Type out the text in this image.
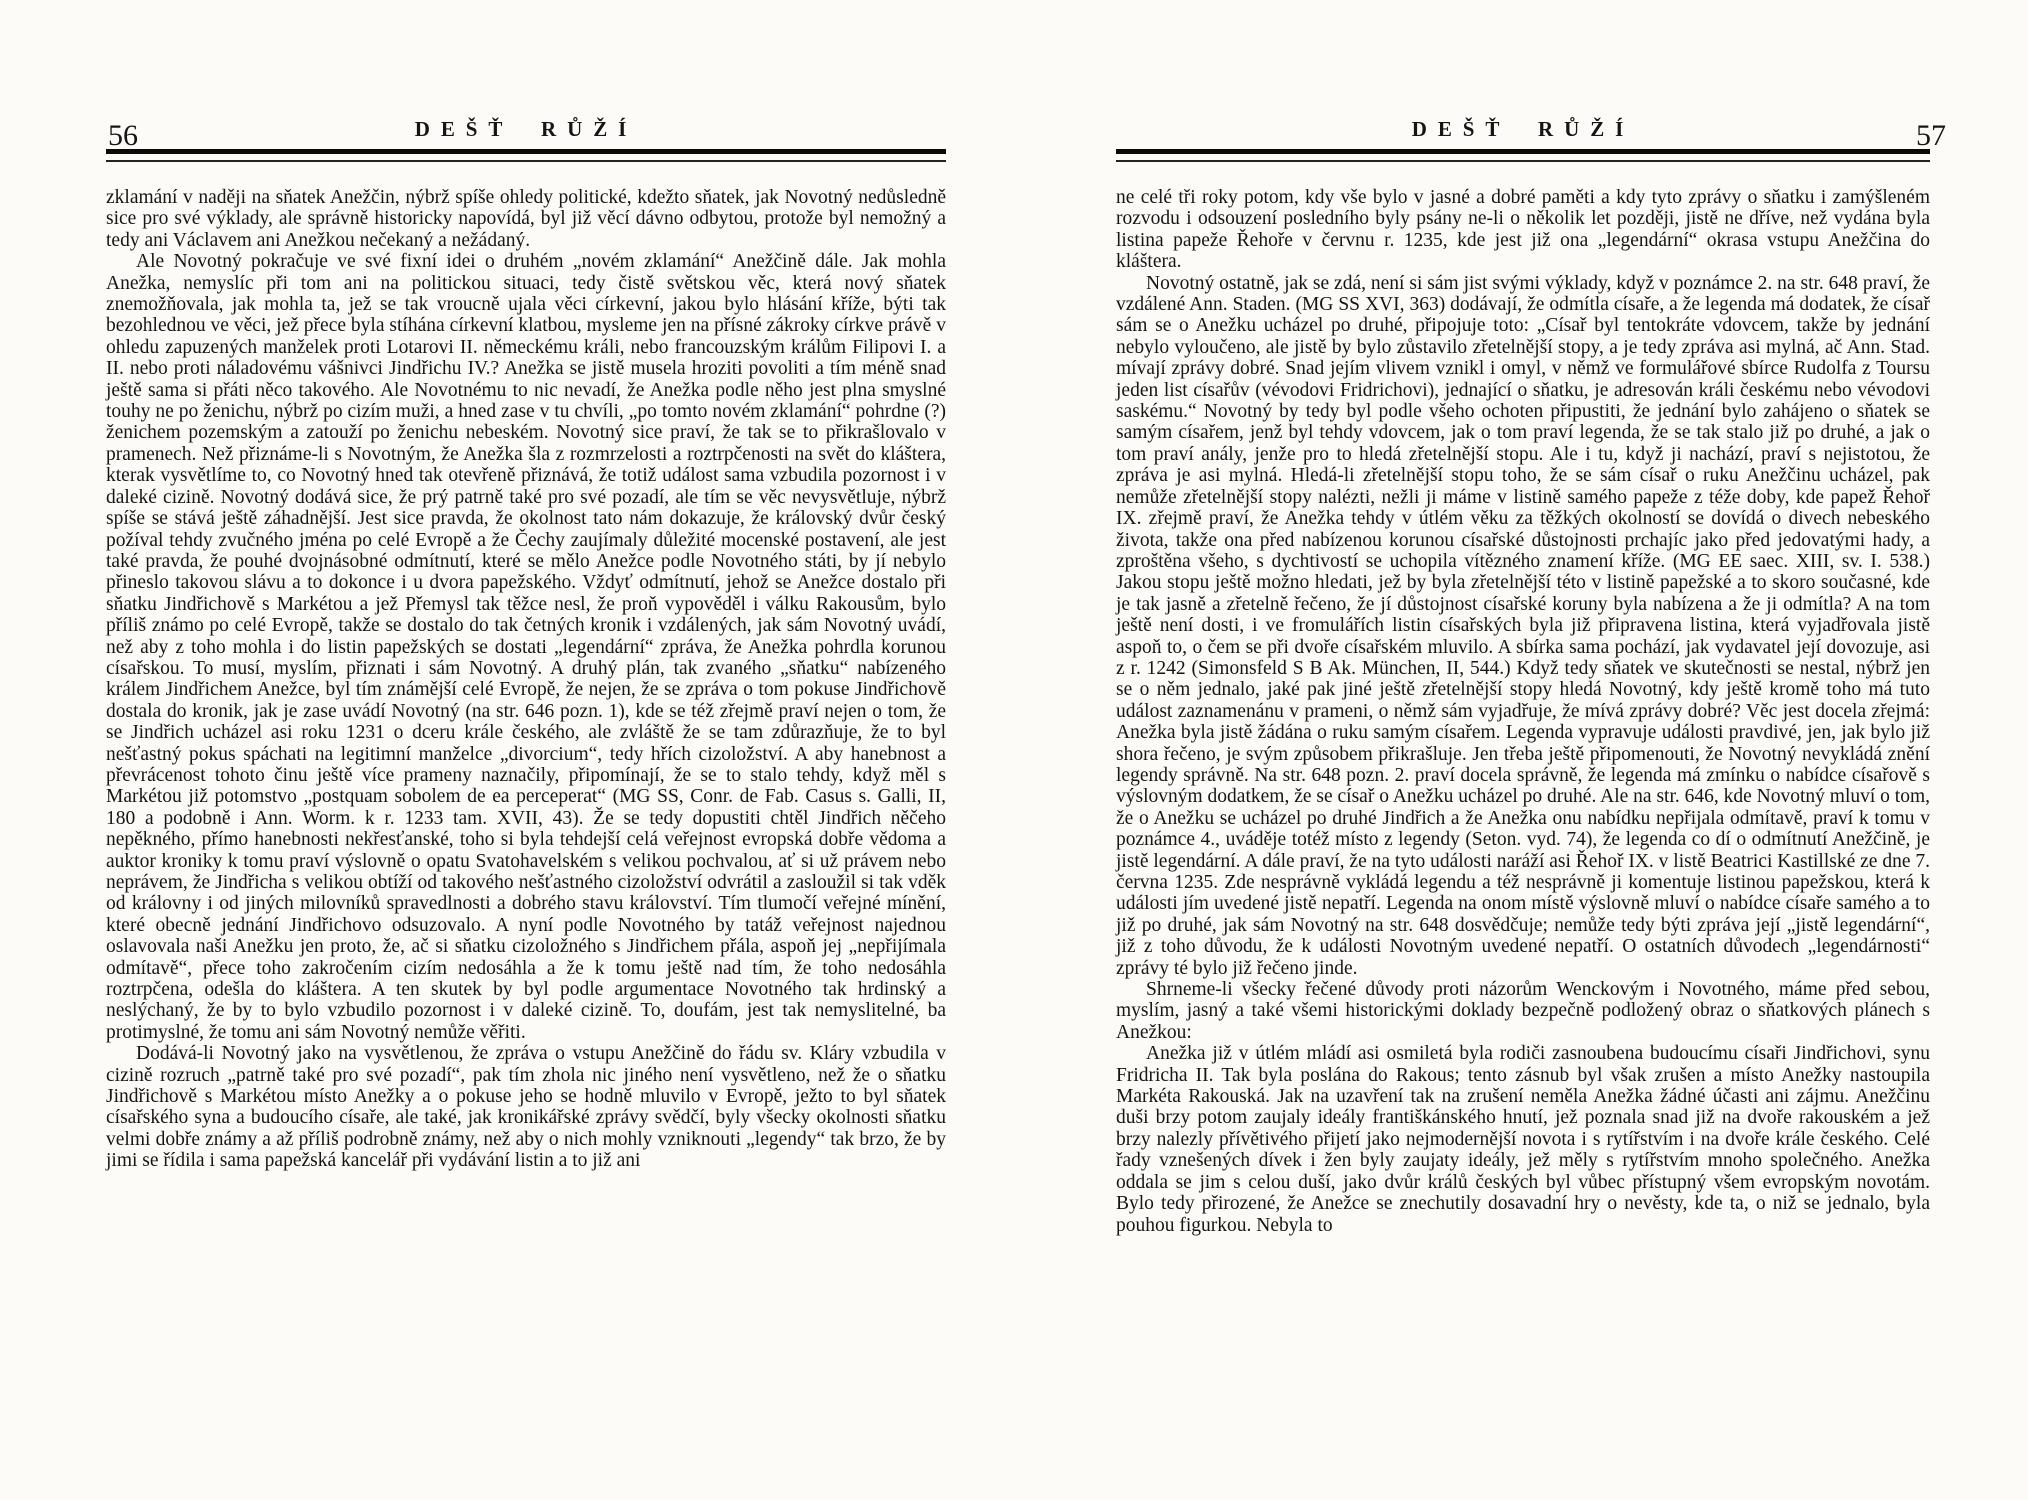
56	DEŠŤ RŮŽÍ

zklamání v naději na sňatek Anežčin, nýbrž spíše ohledy politické, kdežto sňatek, jak Novotný nedůsledně sice pro své výklady, ale správně historicky napovídá, byl již věcí dávno odbytou, protože byl nemožný a tedy ani Václavem ani Anežkou nečekaný a nežádaný.

Ale Novotný pokračuje ve své fixní idei o druhém „novém zklamání“ Anežčině dále. Jak mohla Anežka, nemyslíc při tom ani na politickou situaci, tedy čistě světskou věc, která nový sňatek znemožňovala, jak mohla ta, jež se tak vroucně ujala věci církevní, jakou bylo hlásání kříže, býti tak bezohlednou ve věci, jež přece byla stíhána církevní klatbou, mysleme jen na přísné zákroky církve právě v ohledu zapuzených manželek proti Lotarovi II. německému králi, nebo francouzským králům Filipovi I. a II. nebo proti náladovému vášnivci Jindřichu IV.? Anežka se jistě musela hroziti povoliti a tím méně snad ještě sama si přáti něco takového. Ale Novotnému to nic nevadí, že Anežka podle něho jest plna smyslné touhy ne po ženichu, nýbrž po cizím muži, a hned zase v tu chvíli, „po tomto novém zklamání“ pohrdne (?) ženichem pozemským a zatouží po ženichu nebeském. Novotný sice praví, že tak se to přikrašlovalo v pramenech. Než přiznáme-li s Novotným, že Anežka šla z rozmrzelosti a roztrpčenosti na svět do kláštera, kterak vysvětlíme to, co Novotný hned tak otevřeně přiznává, že totiž událost sama vzbudila pozornost i v daleké cizině. Novotný dodává sice, že prý patrně také pro své pozadí, ale tím se věc nevysvětluje, nýbrž spíše se stává ještě záhadnější. Jest sice pravda, že okolnost tato nám dokazuje, že královský dvůr český požíval tehdy zvučného jména po celé Evropě a že Čechy zaujímaly důležité mocenské postavení, ale jest také pravda, že pouhé dvojnásobné odmítnutí, které se mělo Anežce podle Novotného státi, by jí nebylo přineslo takovou slávu a to dokonce i u dvora papežského. Vždyť odmítnutí, jehož se Anežce dostalo při sňatku Jindřichově s Markétou a jež Přemysl tak těžce nesl, že proň vypověděl i válku Rakousům, bylo příliš známo po celé Evropě, takže se dostalo do tak četných kronik i vzdálených, jak sám Novotný uvádí, než aby z toho mohla i do listin papežských se dostati „legendární“ zpráva, že Anežka pohrdla korunou císařskou. To musí, myslím, přiznati i sám Novotný. A druhý plán, tak zvaného „sňatku“ nabízeného králem Jindřichem Anežce, byl tím známější celé Evropě, že nejen, že se zpráva o tom pokuse Jindřichově dostala do kronik, jak je zase uvádí Novotný (na str. 646 pozn. 1), kde se též zřejmě praví nejen o tom, že se Jindřich ucházel asi roku 1231 o dceru krále českého, ale zvláště že se tam zdůrazňuje, že to byl nešťastný pokus spáchati na legitimní manželce „divorcium“, tedy hřích cizoložství. A aby hanebnost a převrácenost tohoto činu ještě více prameny naznačily, připomínají, že se to stalo tehdy, když měl s Markétou již potomstvo „postquam sobolem de ea perceperat“ (MG SS, Conr. de Fab. Casus s. Galli, II, 180 a podobně i Ann. Worm. k r. 1233 tam. XVII, 43). Že se tedy dopustiti chtěl Jindřich něčeho nepěkného, přímo hanebnosti nekřesťanské, toho si byla tehdejší celá veřejnost evropská dobře vědoma a auktor kroniky k tomu praví výslovně o opatu Svatohavelském s velikou pochvalou, ať si už právem nebo neprávem, že Jindřicha s velikou obtíží od takového nešťastného cizoložství odvrátil a zasloužil si tak vděk od královny i od jiných milovníků spravedlnosti a dobrého stavu království. Tím tlumočí veřejné mínění, které obecně jednání Jindřichovo odsuzovalo. A nyní podle Novotného by tatáž veřejnost najednou oslavovala naši Anežku jen proto, že, ač si sňatku cizoložného s Jindřichem přála, aspoň jej „nepřijímala odmítavě“, přece toho zakročením cizím nedosáhla a že k tomu ještě nad tím, že toho nedosáhla roztrpčena, odešla do kláštera. A ten skutek by byl podle argumentace Novotného tak hrdinský a neslýchaný, že by to bylo vzbudilo pozornost i v daleké cizině. To, doufám, jest tak nemyslitelné, ba protimyslné, že tomu ani sám Novotný nemůže věřiti.

Dodává-li Novotný jako na vysvětlenou, že zpráva o vstupu Anežčině do řádu sv. Kláry vzbudila v cizině rozruch „patrně také pro své pozadí“, pak tím zhola nic jiného není vysvětleno, než že o sňatku Jindřichově s Markétou místo Anežky a o pokuse jeho se hodně mluvilo v Evropě, ježto to byl sňatek císařského syna a budoucího císaře, ale také, jak kronikářské zprávy svědčí, byly všecky okolnosti sňatku velmi dobře známy a až příliš podrobně známy, než aby o nich mohly vzniknouti „legendy“ tak brzo, že by jimi se řídila i sama papežská kancelář při vydávání listin a to již ani

DEŠŤ RŮŽÍ	57

ne celé tři roky potom, kdy vše bylo v jasné a dobré paměti a kdy tyto zprávy o sňatku i zamýšleném rozvodu i odsouzení posledního byly psány ne-li o několik let později, jistě ne dříve, než vydána byla listina papeže Řehoře v červnu r. 1235, kde jest již ona „legendární“ okrasa vstupu Anežčina do kláštera.

Novotný ostatně, jak se zdá, není si sám jist svými výklady, když v poznámce 2. na str. 648 praví, že vzdálené Ann. Staden. (MG SS XVI, 363) dodávají, že odmítla císaře, a že legenda má dodatek, že císař sám se o Anežku ucházel po druhé, připojuje toto: „Císař byl tentokráte vdovcem, takže by jednání nebylo vyloučeno, ale jistě by bylo zůstavilo zřetelnější stopy, a je tedy zpráva asi mylná, ač Ann. Stad. mívají zprávy dobré. Snad jejím vlivem vznikl i omyl, v němž ve formulářové sbírce Rudolfa z Toursu jeden list císařův (vévodovi Fridrichovi), jednající o sňatku, je adresován králi českému nebo vévodovi saskému.“ Novotný by tedy byl podle všeho ochoten připustiti, že jednání bylo zahájeno o sňatek se samým císařem, jenž byl tehdy vdovcem, jak o tom praví legenda, že se tak stalo již po druhé, a jak o tom praví anály, jenže pro to hledá zřetelnější stopu. Ale i tu, když ji nachází, praví s nejistotou, že zpráva je asi mylná. Hledá-li zřetelnější stopu toho, že se sám císař o ruku Anežčinu ucházel, pak nemůže zřetelnější stopy nalézti, nežli ji máme v listině samého papeže z téže doby, kde papež Řehoř IX. zřejmě praví, že Anežka tehdy v útlém věku za těžkých okolností se dovídá o divech nebeského života, takže ona před nabízenou korunou císařské důstojnosti prchajíc jako před jedovatými hady, a zproštěna všeho, s dychtivostí se uchopila vítězného znamení kříže. (MG EE saec. XIII, sv. I. 538.) Jakou stopu ještě možno hledati, jež by byla zřetelnější této v listině papežské a to skoro současné, kde je tak jasně a zřetelně řečeno, že jí důstojnost císařské koruny byla nabízena a že ji odmítla? A na tom ještě není dosti, i ve fromulářích listin císařských byla již připravena listina, která vyjadřovala jistě aspoň to, o čem se při dvoře císařském mluvilo. A sbírka sama pochází, jak vydavatel její dovozuje, asi z r. 1242 (Simonsfeld S B Ak. München, II, 544.) Když tedy sňatek ve skutečnosti se nestal, nýbrž jen se o něm jednalo, jaké pak jiné ještě zřetelnější stopy hledá Novotný, kdy ještě kromě toho má tuto událost zaznamenánu v prameni, o němž sám vyjadřuje, že mívá zprávy dobré? Věc jest docela zřejmá: Anežka byla jistě žádána o ruku samým císařem. Legenda vypravuje události pravdivé, jen, jak bylo již shora řečeno, je svým způsobem přikrašluje. Jen třeba ještě připomenouti, že Novotný nevykládá znění legendy správně. Na str. 648 pozn. 2. praví docela správně, že legenda má zmínku o nabídce císařově s výslovným dodatkem, že se císař o Anežku ucházel po druhé. Ale na str. 646, kde Novotný mluví o tom, že o Anežku se ucházel po druhé Jindřich a že Anežka onu nabídku nepřijala odmítavě, praví k tomu v poznámce 4., uváděje totéž místo z legendy (Seton. vyd. 74), že legenda co dí o odmítnutí Anežčině, je jistě legendární. A dále praví, že na tyto události naráží asi Řehoř IX. v listě Beatrici Kastillské ze dne 7. června 1235. Zde nesprávně vykládá legendu a též nesprávně ji komentuje listinou papežskou, která k události jím uvedené jistě nepatří. Legenda na onom místě výslovně mluví o nabídce císaře samého a to již po druhé, jak sám Novotný na str. 648 dosvědčuje; nemůže tedy býti zpráva její „jistě legendární“, již z toho důvodu, že k události Novotným uvedené nepatří. O ostatních důvodech „legendárnosti“ zprávy té bylo již řečeno jinde.

Shrneme-li všecky řečené důvody proti názorům Wenckovým i Novotného, máme před sebou, myslím, jasný a také všemi historickými doklady bezpečně podložený obraz o sňatkových plánech s Anežkou:

Anežka již v útlém mládí asi osmiletá byla rodiči zasnoubena budoucímu císaři Jindřichovi, synu Fridricha II. Tak byla poslána do Rakous; tento zásnub byl však zrušen a místo Anežky nastoupila Markéta Rakouská. Jak na uzavření tak na zrušení neměla Anežka žádné účasti ani zájmu. Anežčinu duši brzy potom zaujaly ideály františkánského hnutí, jež poznala snad již na dvoře rakouském a jež brzy nalezly přívětivého přijetí jako nejmodernější novota i s rytířstvím i na dvoře krále českého. Celé řady vznešených dívek i žen byly zaujaty ideály, jež měly s rytířstvím mnoho společného. Anežka oddala se jim s celou duší, jako dvůr králů českých byl vůbec přístupný všem evropským novotám. Bylo tedy přirozené, že Anežce se znechutily dosavadní hry o nevěsty, kde ta, o niž se jednalo, byla pouhou figurkou. Nebyla to
